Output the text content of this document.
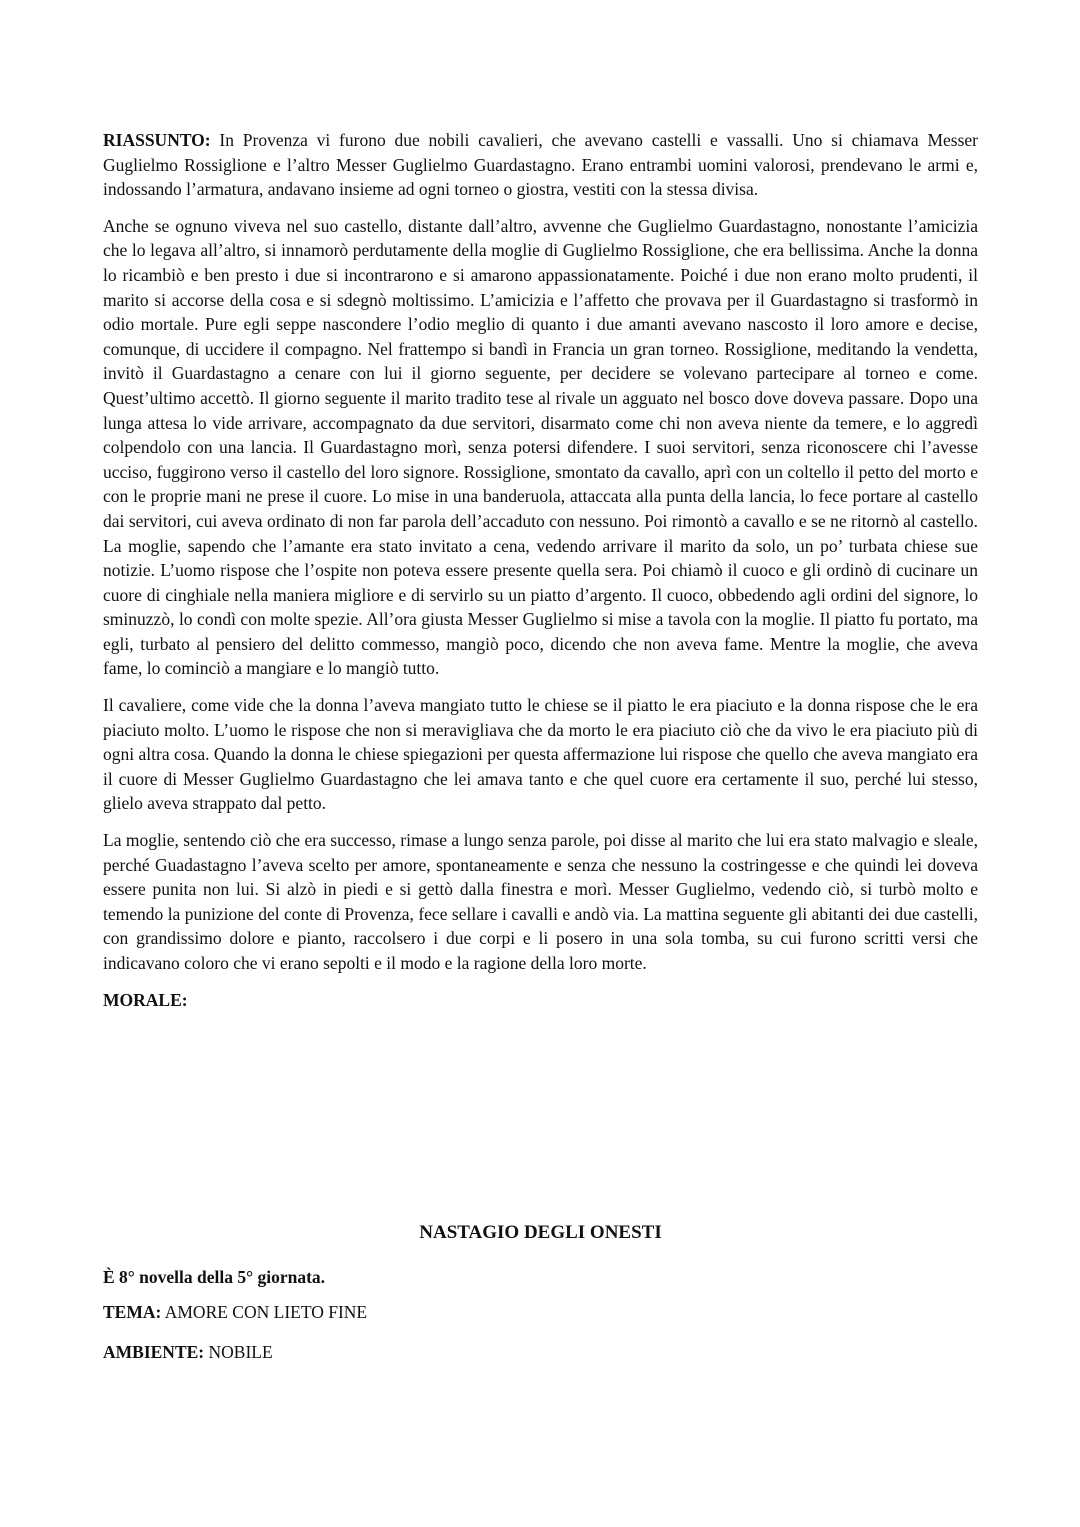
RIASSUNTO: In Provenza vi furono due nobili cavalieri, che avevano castelli e vassalli. Uno si chiamava Messer Guglielmo Rossiglione e l’altro Messer Guglielmo Guardastagno. Erano entrambi uomini valorosi, prendevano le armi e, indossando l’armatura, andavano insieme ad ogni torneo o giostra, vestiti con la stessa divisa.

Anche se ognuno viveva nel suo castello, distante dall’altro, avvenne che Guglielmo Guardastagno, nonostante l’amicizia che lo legava all’altro, si innamorò perdutamente della moglie di Guglielmo Rossiglione, che era bellissima. Anche la donna lo ricambiò e ben presto i due si incontrarono e si amarono appassionatamente. Poiché i due non erano molto prudenti, il marito si accorse della cosa e si sdegnò moltissimo. L’amicizia e l’affetto che provava per il Guardastagno si trasformò in odio mortale. Pure egli seppe nascondere l’odio meglio di quanto i due amanti avevano nascosto il loro amore e decise, comunque, di uccidere il compagno. Nel frattempo si bandì in Francia un gran torneo. Rossiglione, meditando la vendetta, invitò il Guardastagno a cenare con lui il giorno seguente, per decidere se volevano partecipare al torneo e come. Quest’ultimo accettò. Il giorno seguente il marito tradito tese al rivale un agguato nel bosco dove doveva passare. Dopo una lunga attesa lo vide arrivare, accompagnato da due servitori, disarmato come chi non aveva niente da temere, e lo aggredì colpendolo con una lancia. Il Guardastagno morì, senza potersi difendere. I suoi servitori, senza riconoscere chi l’avesse ucciso, fuggirono verso il castello del loro signore. Rossiglione, smontato da cavallo, aprì con un coltello il petto del morto e con le proprie mani ne prese il cuore. Lo mise in una banderuola, attaccata alla punta della lancia, lo fece portare al castello dai servitori, cui aveva ordinato di non far parola dell’accaduto con nessuno. Poi rimontò a cavallo e se ne ritornò al castello. La moglie, sapendo che l’amante era stato invitato a cena, vedendo arrivare il marito da solo, un po’ turbata chiese sue notizie. L’uomo rispose che l’ospite non poteva essere presente quella sera. Poi chiamò il cuoco e gli ordinò di cucinare un cuore di cinghiale nella maniera migliore e di servirlo su un piatto d’argento. Il cuoco, obbedendo agli ordini del signore, lo sminuzzò, lo condì con molte spezie. All’ora giusta Messer Guglielmo si mise a tavola con la moglie. Il piatto fu portato, ma egli, turbato al pensiero del delitto commesso, mangiò poco, dicendo che non aveva fame. Mentre la moglie, che aveva fame, lo cominciò a mangiare e lo mangiò tutto.

Il cavaliere, come vide che la donna l’aveva mangiato tutto le chiese se il piatto le era piaciuto e la donna rispose che le era piaciuto molto. L’uomo le rispose che non si meravigliava che da morto le era piaciuto ciò che da vivo le era piaciuto più di ogni altra cosa. Quando la donna le chiese spiegazioni per questa affermazione lui rispose che quello che aveva mangiato era il cuore di Messer Guglielmo Guardastagno che lei amava tanto e che quel cuore era certamente il suo, perché lui stesso, glielo aveva strappato dal petto.

La moglie, sentendo ciò che era successo, rimase a lungo senza parole, poi disse al marito che lui era stato malvagio e sleale, perché Guadastagno l’aveva scelto per amore, spontaneamente e senza che nessuno la costringesse e che quindi lei doveva essere punita non lui. Si alzò in piedi e si gettò dalla finestra e morì. Messer Guglielmo, vedendo ciò, si turbò molto e temendo la punizione del conte di Provenza, fece sellare i cavalli e andò via. La mattina seguente gli abitanti dei due castelli, con grandissimo dolore e pianto, raccolsero i due corpi e li posero in una sola tomba, su cui furono scritti versi che indicavano coloro che vi erano sepolti e il modo e la ragione della loro morte.

MORALE:

NASTAGIO DEGLI ONESTI
È 8° novella della 5° giornata.
TEMA: AMORE CON LIETO FINE
AMBIENTE: NOBILE
